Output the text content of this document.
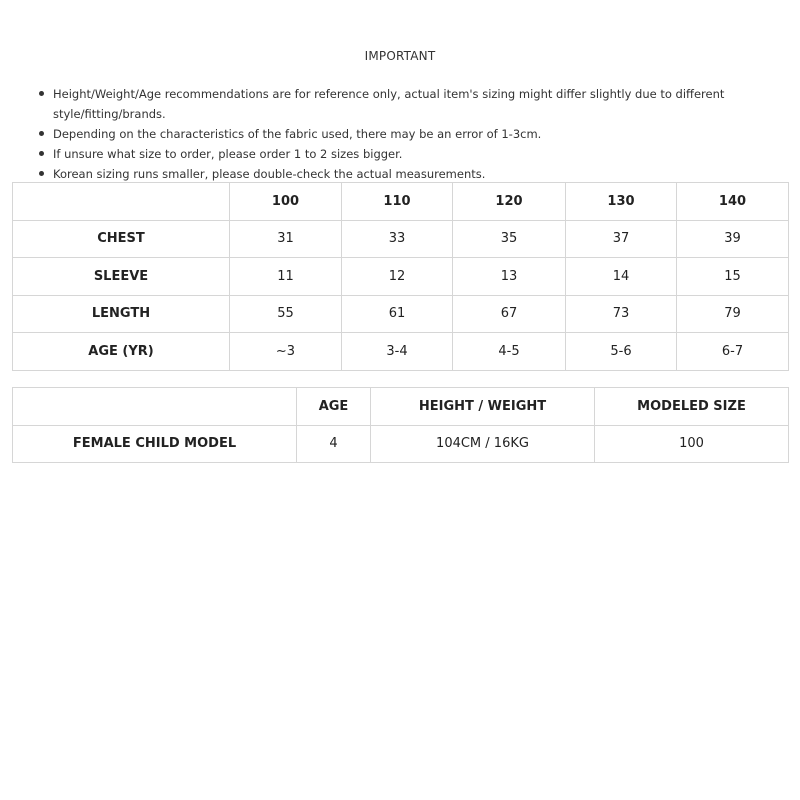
IMPORTANT
Height/Weight/Age recommendations are for reference only, actual item's sizing might differ slightly due to different style/fitting/brands.
Depending on the characteristics of the fabric used, there may be an error of 1-3cm.
If unsure what size to order, please order 1 to 2 sizes bigger.
Korean sizing runs smaller, please double-check the actual measurements.
	100	110	120	130	140
CHEST	31	33	35	37	39
SLEEVE	11	12	13	14	15
LENGTH	55	61	67	73	79
AGE (YR)	~3	3-4	4-5	5-6	6-7
	AGE	HEIGHT / WEIGHT	MODELED SIZE
FEMALE CHILD MODEL	4	104CM / 16KG	100
